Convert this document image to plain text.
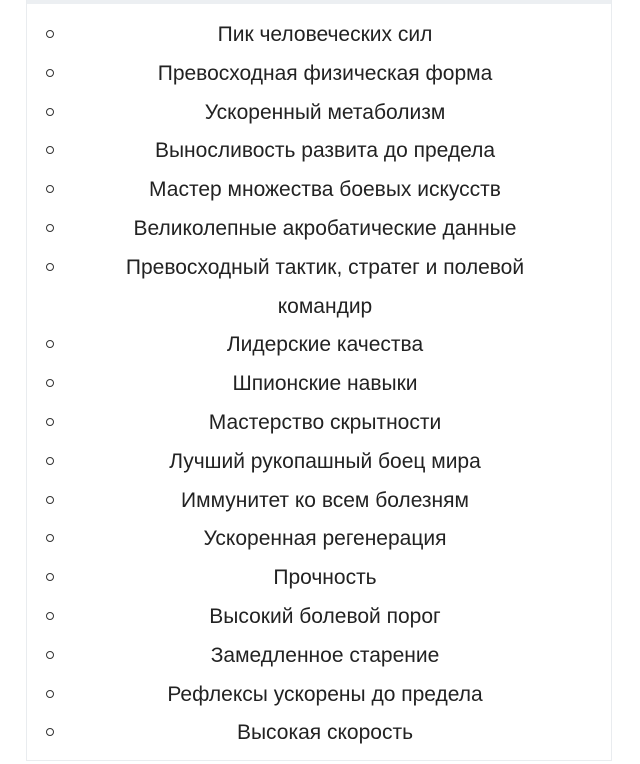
Пик человеческих сил
Превосходная физическая форма
Ускоренный метаболизм
Выносливость развита до предела
Мастер множества боевых искусств
Великолепные акробатические данные
Превосходный тактик, стратег и полевой командир
Лидерские качества
Шпионские навыки
Мастерство скрытности
Лучший рукопашный боец мира
Иммунитет ко всем болезням
Ускоренная регенерация
Прочность
Высокий болевой порог
Замедленное старение
Рефлексы ускорены до предела
Высокая скорость
